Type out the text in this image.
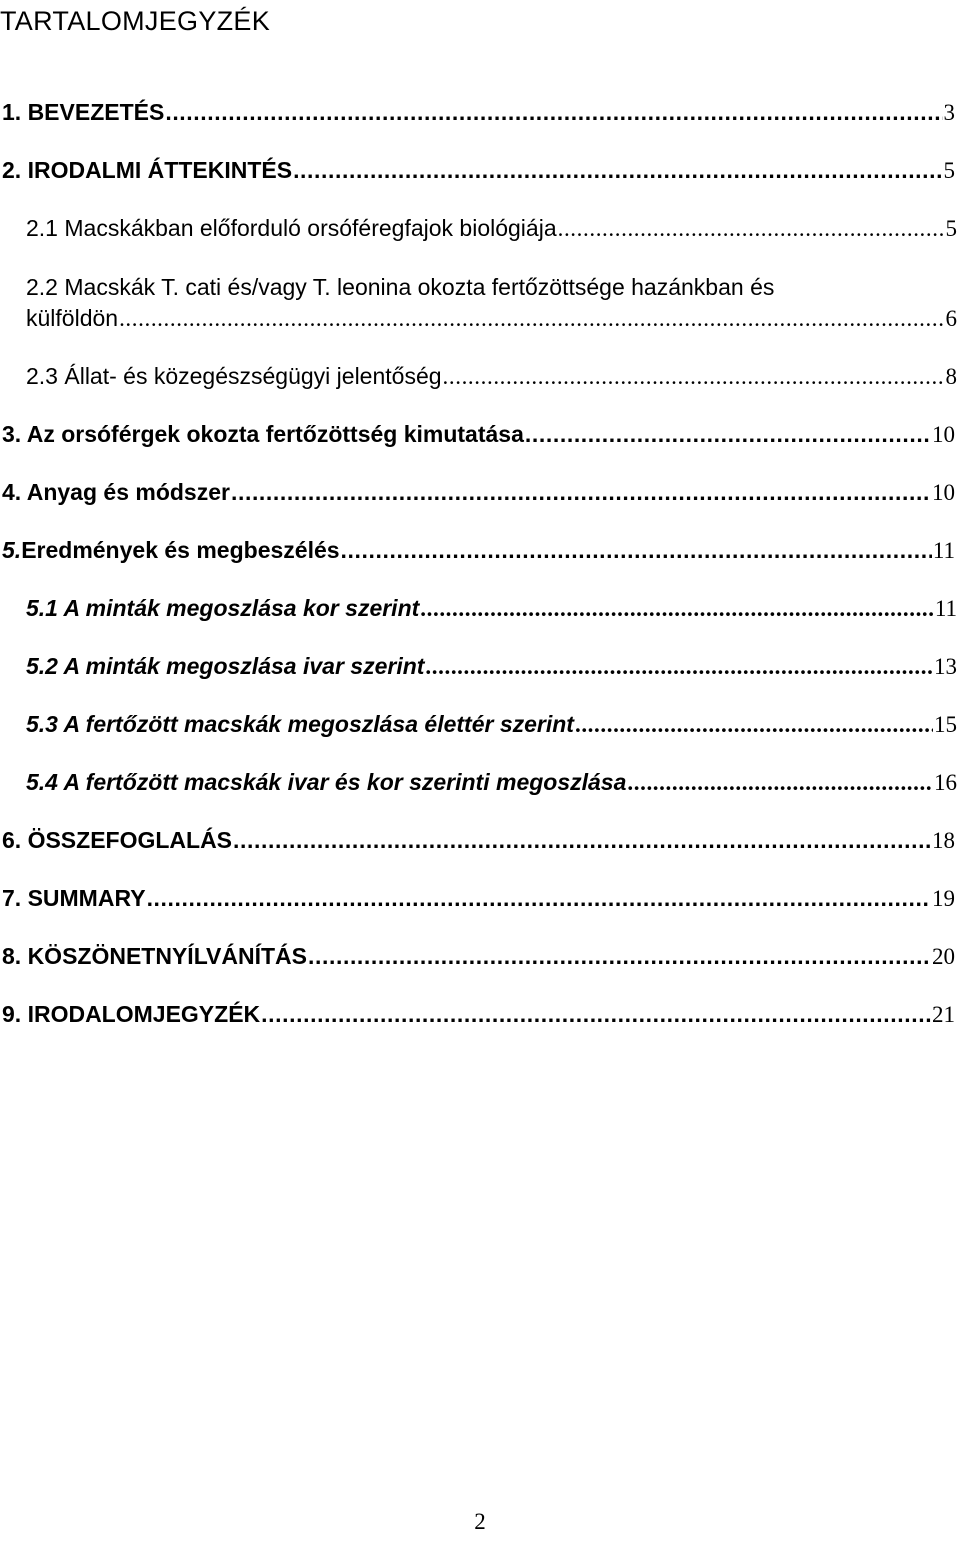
TARTALOMJEGYZÉK
1. BEVEZETÉS .....	3
2. IRODALMI ÁTTEKINTÉS .....	5
2.1 Macskákban előforduló orsóféregfajok biológiája .....	5
2.2 Macskák T. cati és/vagy T. leonina okozta fertőzöttsége hazánkban és
külföldön .....	6
2.3 Állat- és közegészségügyi jelentőség .....	8
3. Az orsóférgek okozta fertőzöttség kimutatása .....	10
4. Anyag és módszer .....	10
5. Eredmények és megbeszélés .....	11
5.1 A minták megoszlása kor szerint .....	11
5.2 A minták megoszlása ivar szerint .....	13
5.3 A fertőzött macskák megoszlása élettér szerint .....	15
5.4 A fertőzött macskák ivar és kor szerinti megoszlása .....	16
6. ÖSSZEFOGLALÁS .....	18
7. SUMMARY .....	19
8. KÖSZÖNETNYÍLVÁNÍTÁS .....	20
9. IRODALOMJEGYZÉK .....	21
2
